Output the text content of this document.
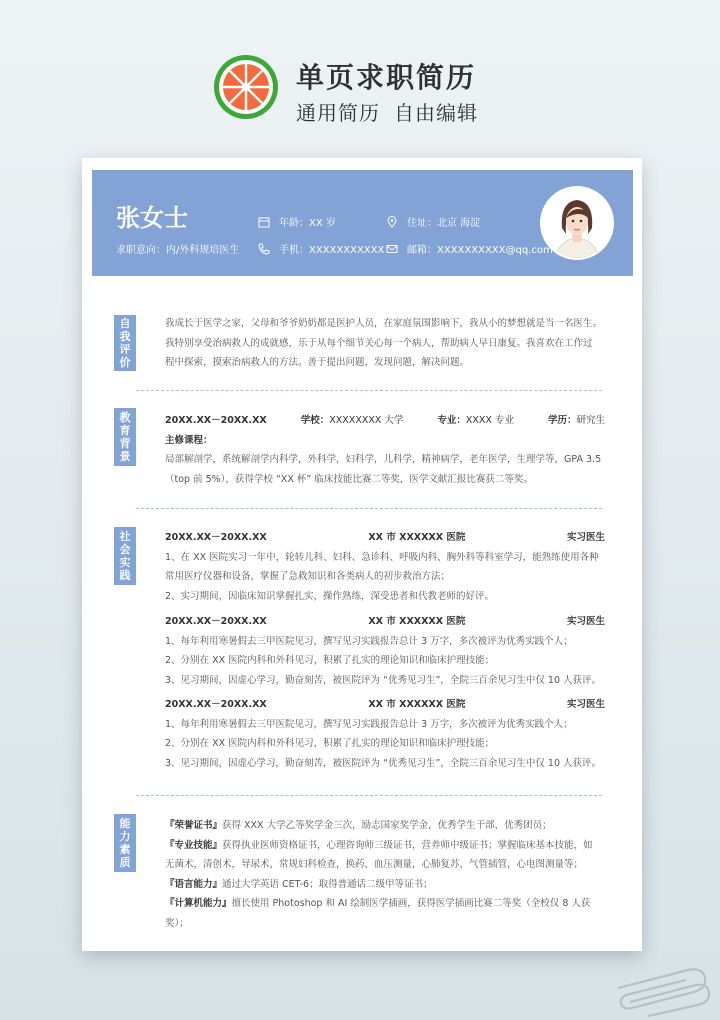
单页求职简历
通用简历 自由编辑
张女士
求职意向：内/外科规培医生
年龄：XX 岁
手机：XXXXXXXXXXX
住址：北京 海淀
邮箱：XXXXXXXXXX@qq.com
自
我
评
价
我成长于医学之家，父母和爷爷奶奶都是医护人员，在家庭氛围影响下，我从小的梦想就是当一名医生。
我特别享受治病救人的成就感，乐于从每个细节关心每一个病人，帮助病人早日康复。我喜欢在工作过
程中探索，摸索治病救人的方法。善于提出问题，发现问题，解决问题。
教
育
背
景
20XX.XX－20XX.XX	学校：XXXXXXXX 大学	专业：XXXX 专业	学历：研究生
主修课程：
局部解剖学，系统解剖学内科学，外科学，妇科学，儿科学，精神病学，老年医学，生理学等，GPA 3.5
（top 前 5%），获得学校 “XX 杯” 临床技能比赛二等奖，医学文献汇报比赛获二等奖。
社
会
实
践
20XX.XX－20XX.XX	XX 市 XXXXXX 医院	实习医生
1、在 XX 医院实习一年中，轮转儿科、妇科、急诊科、呼吸内科、胸外科等科室学习，能熟练使用各种
常用医疗仪器和设备，掌握了急救知识和各类病人的初步救治方法；
2、实习期间，因临床知识掌握扎实，操作熟练，深受患者和代教老师的好评。
20XX.XX－20XX.XX	XX 市 XXXXXX 医院	实习医生
1、每年利用寒暑假去三甲医院见习，撰写见习实践报告总计 3 万字，多次被评为优秀实践个人；
2、分别在 XX 医院内科和外科见习，积累了扎实的理论知识和临床护理技能；
3、见习期间，因虚心学习，勤奋刻苦，被医院评为 “优秀见习生”，全院三百余见习生中仅 10 人获评。
20XX.XX－20XX.XX	XX 市 XXXXXX 医院	实习医生
1、每年利用寒暑假去三甲医院见习，撰写见习实践报告总计 3 万字，多次被评为优秀实践个人；
2、分别在 XX 医院内科和外科见习，积累了扎实的理论知识和临床护理技能；
3、见习期间，因虚心学习，勤奋刻苦，被医院评为 “优秀见习生”，全院三百余见习生中仅 10 人获评。
能
力
素
质
『荣誉证书』获得 XXX 大学乙等奖学金三次，励志国家奖学金，优秀学生干部，优秀团员；
『专业技能』获得执业医师资格证书，心理咨询师三级证书，营养师中级证书；掌握临床基本技能，如
无菌术，清创术，导尿术，常规妇科检查，换药，血压测量，心肺复苏，气管插管，心电图测量等；
『语言能力』通过大学英语 CET-6；取得普通话二级甲等证书；
『计算机能力』擅长使用 Photoshop 和 AI 绘制医学插画，获得医学插画比赛二等奖（全校仅 8 人获奖）；
